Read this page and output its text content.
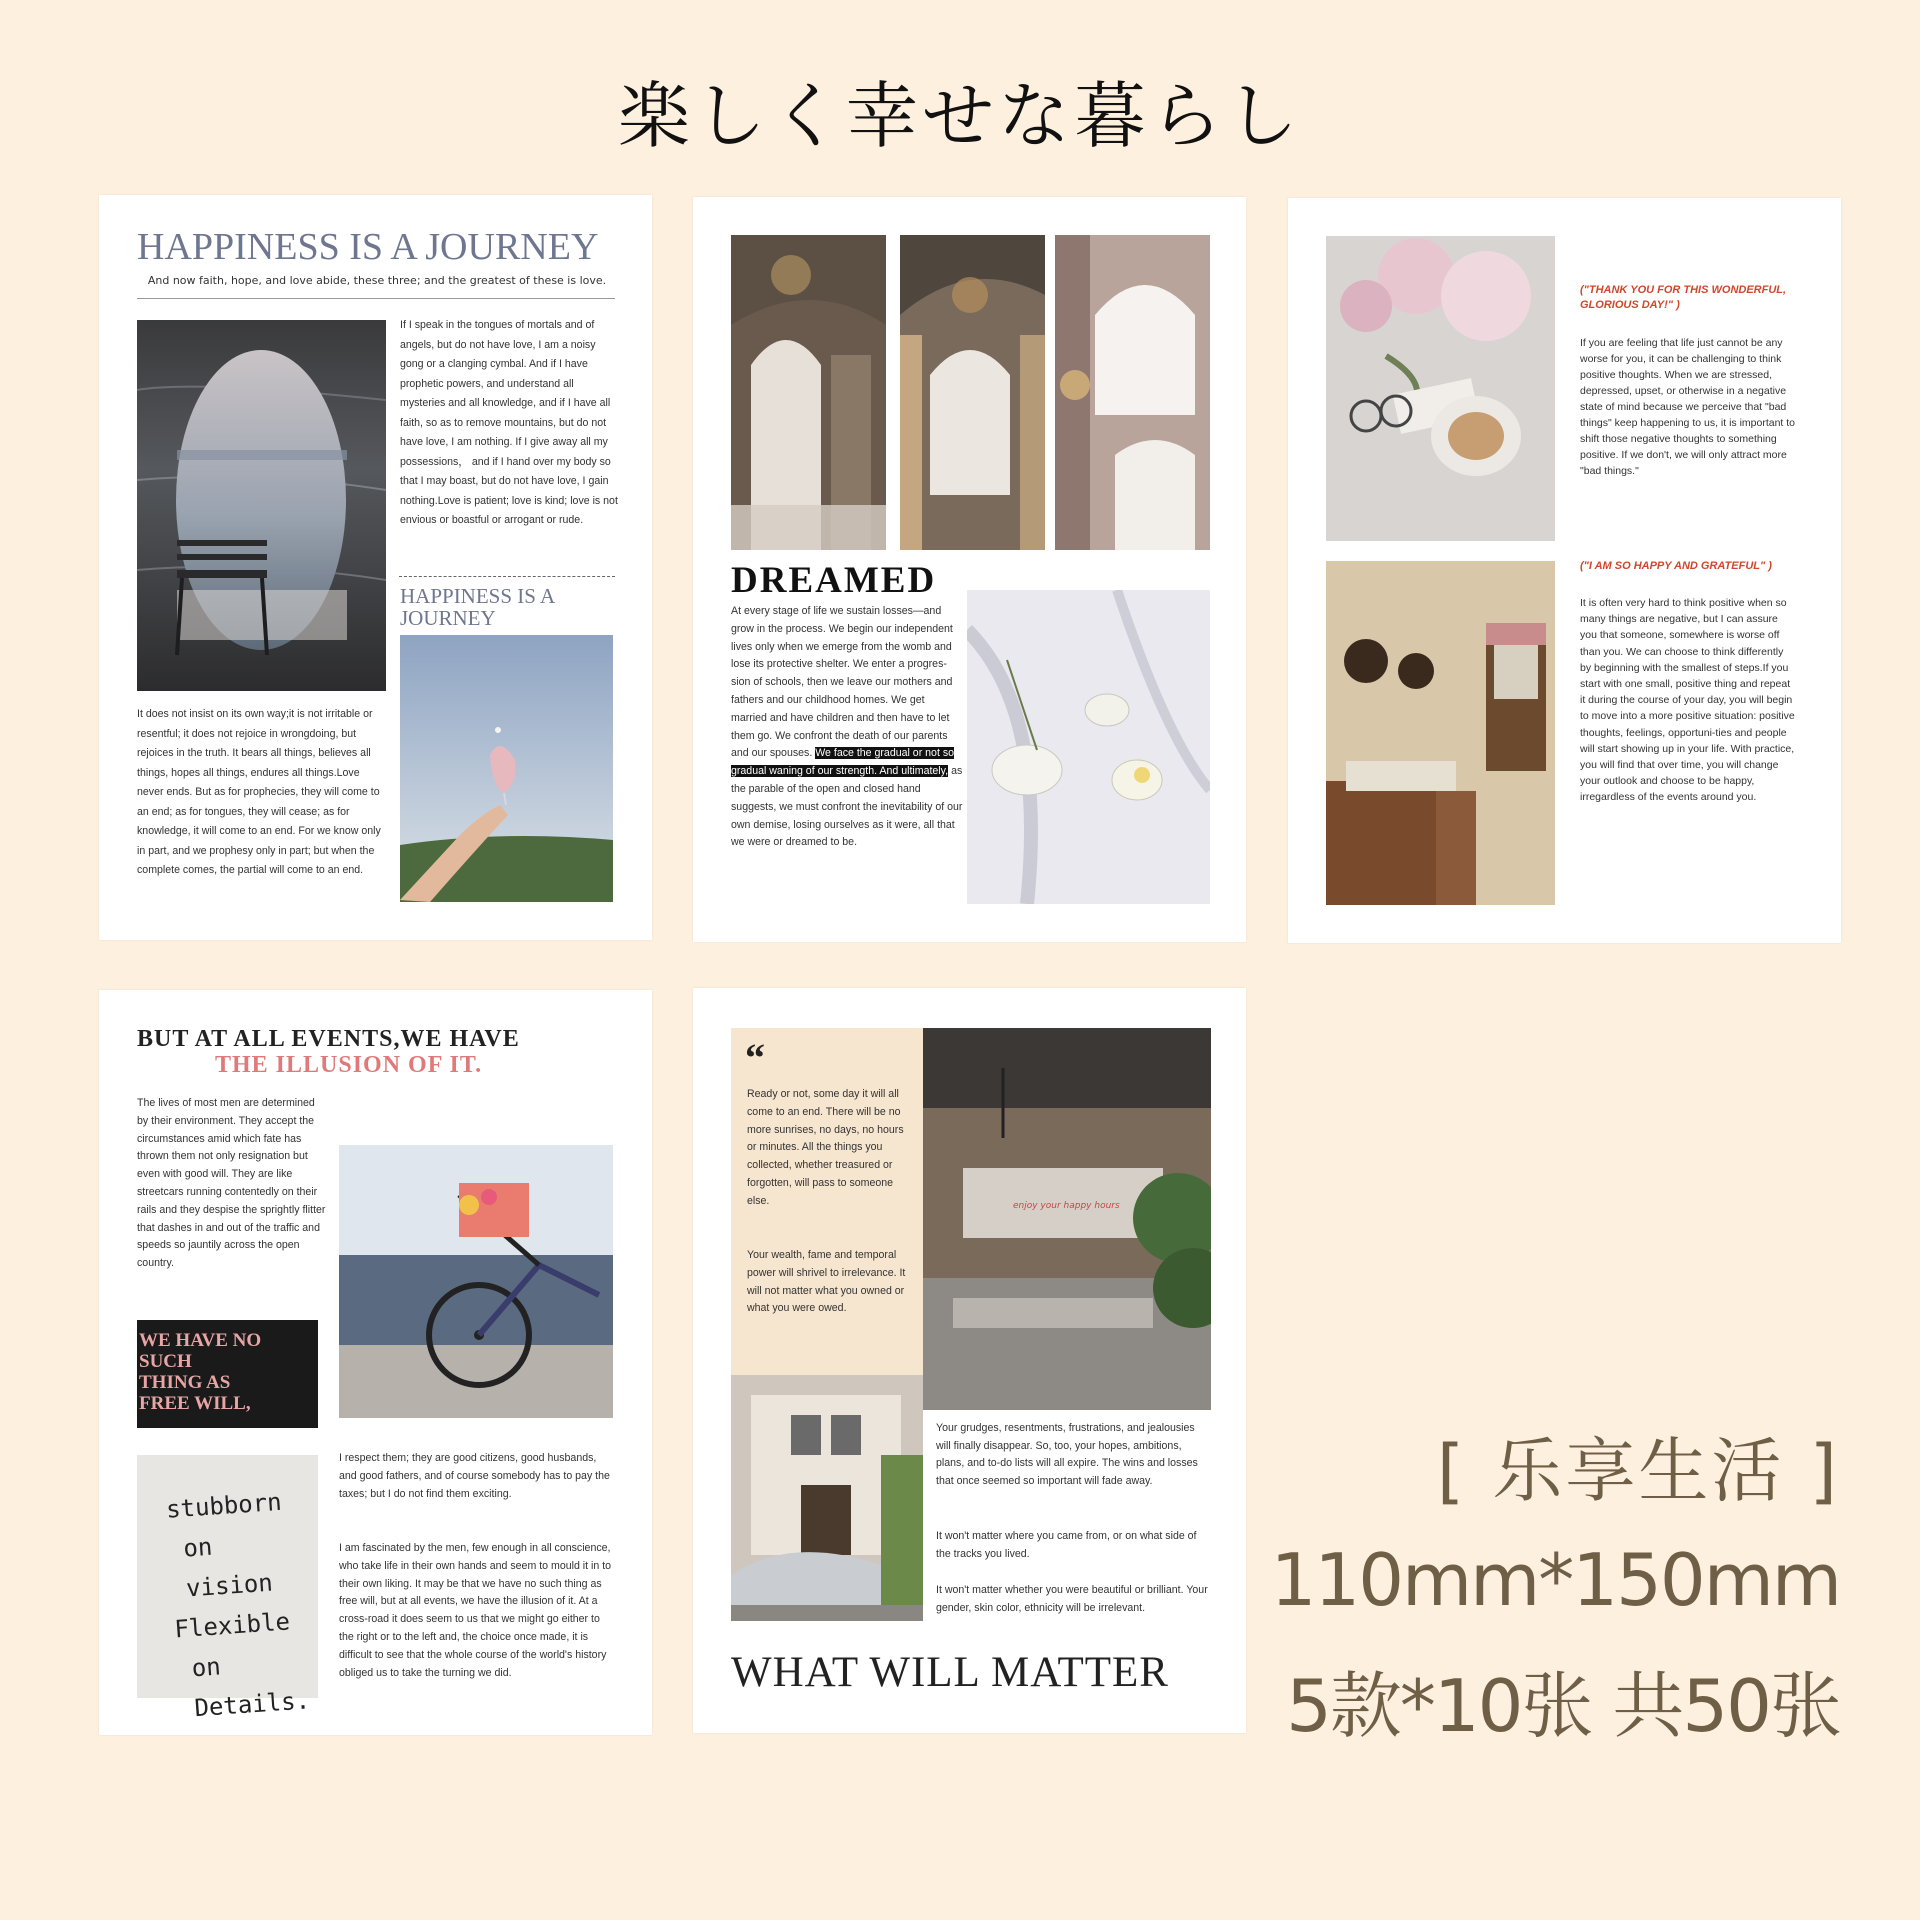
楽しく幸せな暮らし
HAPPINESS IS A JOURNEY
And now faith, hope, and love abide, these three; and the greatest of these is love.
If I speak in the tongues of mortals and of angels, but do not have love, I am a noisy gong or a clanging cymbal. And if I have prophetic powers, and understand all mysteries and all knowledge, and if I have all faith, so as to remove mountains, but do not have love, I am nothing. If I give away all my possessions， and if I hand over my body so that I may boast, but do not have love, I gain nothing.Love is patient; love is kind; love is not envious or boastful or arrogant or rude.
HAPPINESS IS A JOURNEY
It does not insist on its own way;it is not irritable or resentful; it does not rejoice in wrongdoing, but rejoices in the truth. It bears all things, believes all things, hopes all things, endures all things.Love never ends. But as for prophecies, they will come to an end; as for tongues, they will cease; as for knowledge, it will come to an end. For we know only in part, and we prophesy only in part; but when the complete comes, the partial will come to an end.
DREAMED
At every stage of life we sustain losses—and grow in the process. We begin our independent lives only when we emerge from the womb and lose its protective shelter. We enter a progres-sion of schools, then we leave our mothers and fathers and our childhood homes. We get married and have children and then have to let them go. We confront the death of our parents and our spouses. We face the gradual or not so gradual waning of our strength. And ultimately, as the parable of the open and closed hand suggests, we must confront the inevitability of our own demise, losing ourselves as it were, all that we were or dreamed to be.
("THANK YOU FOR THIS WONDERFUL, GLORIOUS DAY!" )
If you are feeling that life just cannot be any worse for you, it can be challenging to think positive thoughts. When we are stressed, depressed, upset, or otherwise in a negative state of mind because we perceive that "bad things" keep happening to us, it is important to shift those negative thoughts to something positive. If we don't, we will only attract more "bad things."
("I AM SO HAPPY AND GRATEFUL" )
It is often very hard to think positive when so many things are negative, but I can assure you that someone, somewhere is worse off than you. We can choose to think differently by beginning with the smallest of steps.If you start with one small, positive thing and repeat it during the course of your day, you will begin to move into a more positive situation: positive thoughts, feelings, opportuni-ties and people will start showing up in your life. With practice, you will find that over time, you will change your outlook and choose to be happy, irregardless of the events around you.
BUT AT ALL EVENTS,WE HAVE
THE ILLUSION OF IT.
The lives of most men are determined by their environment. They accept the circumstances amid which fate has thrown them not only resignation but even with good will. They are like streetcars running contentedly on their rails and they despise the sprightly flitter that dashes in and out of the traffic and speeds so jauntily across the open country.
WE HAVE NO
SUCH
THING AS
FREE WILL,
I respect them; they are good citizens, good husbands, and good fathers, and of course somebody has to pay the taxes; but I do not find them exciting.
stubborn
on
vision
Flexible
on
Details.
I am fascinated by the men, few enough in all conscience, who take life in their own hands and seem to mould it in to their own liking. It may be that we have no such thing as free will, but at all events, we have the illusion of it. At a cross-road it does seem to us that we might go either to the right or to the left and, the choice once made, it is difficult to see that the whole course of the world's history obliged us to take the turning we did.
“
Ready or not, some day it will all come to an end. There will be no more sunrises, no days, no hours or minutes. All the things you collected, whether treasured or forgotten, will pass to someone else.
Your wealth, fame and temporal power will shrivel to irrelevance. It will not matter what you owned or what you were owed.
enjoy your happy hours
Your grudges, resentments, frustrations, and jealousies will finally disappear. So, too, your hopes, ambitions, plans, and to-do lists will all expire. The wins and losses that once seemed so important will fade away.
It won't matter where you came from, or on what side of the tracks you lived.
It won't matter whether you were beautiful or brilliant. Your gender, skin color, ethnicity will be irrelevant.
WHAT WILL MATTER
[ 乐享生活 ]
110mm*150mm
5款*10张 共50张
